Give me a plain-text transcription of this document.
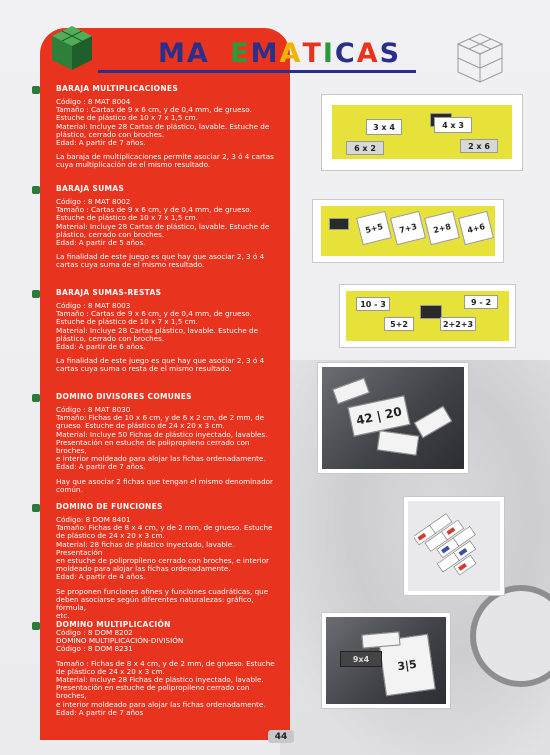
MATEMATICAS
BARAJA MULTIPLICACIONES

Código : 8 MAT 8004

Tamaño : Cartas de 9 x 6 cm, y de 0,4 mm, de grueso.

Estuche de plástico de 10 x 7 x 1,5 cm.

Material: Incluye 28 Cartas de plástico, lavable. Estuche de

plástico, cerrado con broches.

Edad: A partir de 7 años.

La baraja de multiplicaciones permite asociar 2, 3 ó 4 cartas

cuya multiplicación de el mismo resultado.

BARAJA SUMAS

Código : 8 MAT 8002

Tamaño : Cartas de 9 x 6 cm, y de 0,4 mm, de grueso.

Estuche de plástico de 10 x 7 x 1,5 cm.

Material: Incluye 28 Cartas de plástico, lavable. Estuche de

plástico, cerrado con broches.

Edad: A partir de 5 años.

La finalidad de este juego es que hay que asociar 2, 3 ó 4

cartas cuya suma de el mismo resultado.

BARAJA SUMAS-RESTAS

Código : 8 MAT 8003

Tamaño : Cartas de 9 x 6 cm, y de 0,4 mm, de grueso.

Estuche de plástico de 10 x 7 x 1,5 cm.

Material: Incluye 28 Cartas plástico, lavable. Estuche de

plástico, cerrado con broches.

Edad: A partir de 6 años.

La finalidad de este juego es que hay que asociar 2, 3 ó 4

cartas cuya suma o resta de el mismo resultado.

DOMINO DIVISORES COMUNES

Código : 8 MAT 8030

Tamaño: Fichas de 10 x 6 cm, y de 6 x 2 cm, de 2 mm, de

grueso. Estuche de plástico de 24 x 20 x 3 cm.

Material: Incluye 50 Fichas de plástico inyectado, lavables.

Presentación en estuche de polipropileno cerrado con broches,

e interior moldeado para alojar las fichas ordenadamente.

Edad: A partir de 7 años.

Hay que asociar 2 fichas que tengan el mismo denominador

común.

DOMINO DE FUNCIONES

Código: 8 DOM 8401

Tamaño: Fichas de 8 x 4 cm, y de 2 mm, de grueso. Estuche

de plástico de 24 x 20 x 3 cm.

Material: 28 fichas de plástico inyectado, lavable. Presentación

en estuche de polipropileno cerrado con broches, e interior

moldeado para alojar las fichas ordenadamente.

Edad: A partir de 4 años.

Se proponen funciones afines y funciones cuadráticas, que

deben asociarse según diferentes naturalezas: gráfico, fórmula,

etc.

DOMINO MULTIPLICACIÓN

Código : 8 DOM 8202

DOMINO MULTIPLICACIÓN-DIVISIÓN

Código : 8 DOM 8231

Tamaño : Fichas de 8 x 4 cm, y de 2 mm, de grueso. Estuche

de plástico de 24 x 20 x 3 cm.

Material: Incluye 28 Fichas de plástico inyectado, lavable.

Presentación en estuche de polipropileno cerrado con broches,

e interior moldeado para alojar las fichas ordenadamente.

Edad: A partir de 7 años

3 x 4	4 x 3
6 x 2	2 x 6
5+5	7+3	2+8	4+6
10 - 3	9 - 2
5+2	2+2+3
42 | 20
3|5
9x4
44
